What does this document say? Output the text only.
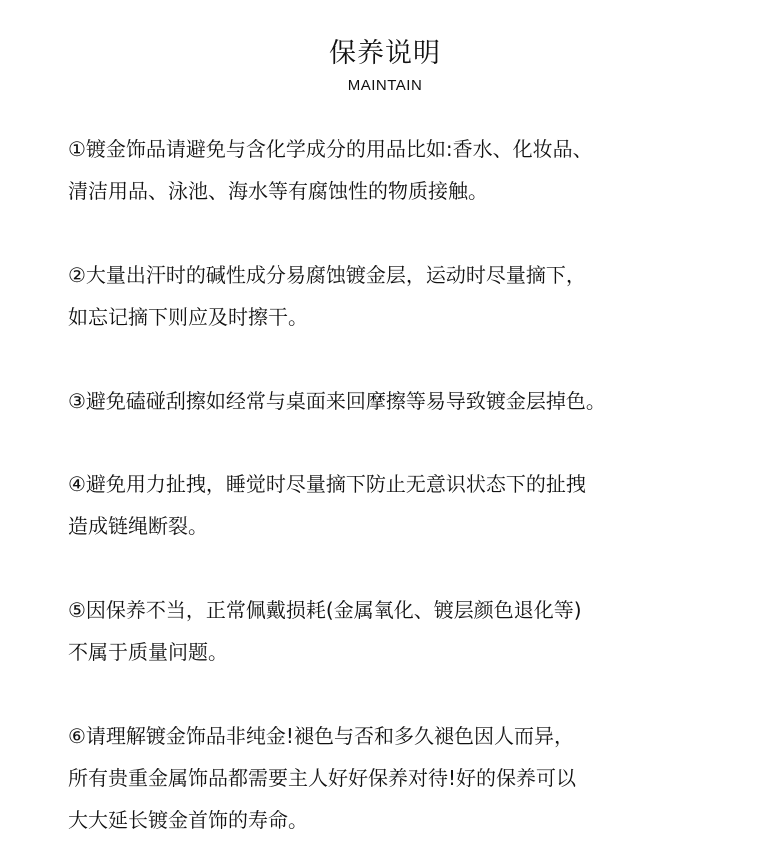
保养说明
MAINTAIN
①镀金饰品请避免与含化学成分的用品比如:香水、化妆品、
清洁用品、泳池、海水等有腐蚀性的物质接触。
②大量出汗时的碱性成分易腐蚀镀金层，运动时尽量摘下，
如忘记摘下则应及时擦干。
③避免磕碰刮擦如经常与桌面来回摩擦等易导致镀金层掉色。
④避免用力扯拽，睡觉时尽量摘下防止无意识状态下的扯拽
造成链绳断裂。
⑤因保养不当，正常佩戴损耗(金属氧化、镀层颜色退化等)
不属于质量问题。
⑥请理解镀金饰品非纯金!褪色与否和多久褪色因人而异，
所有贵重金属饰品都需要主人好好保养对待!好的保养可以
大大延长镀金首饰的寿命。
